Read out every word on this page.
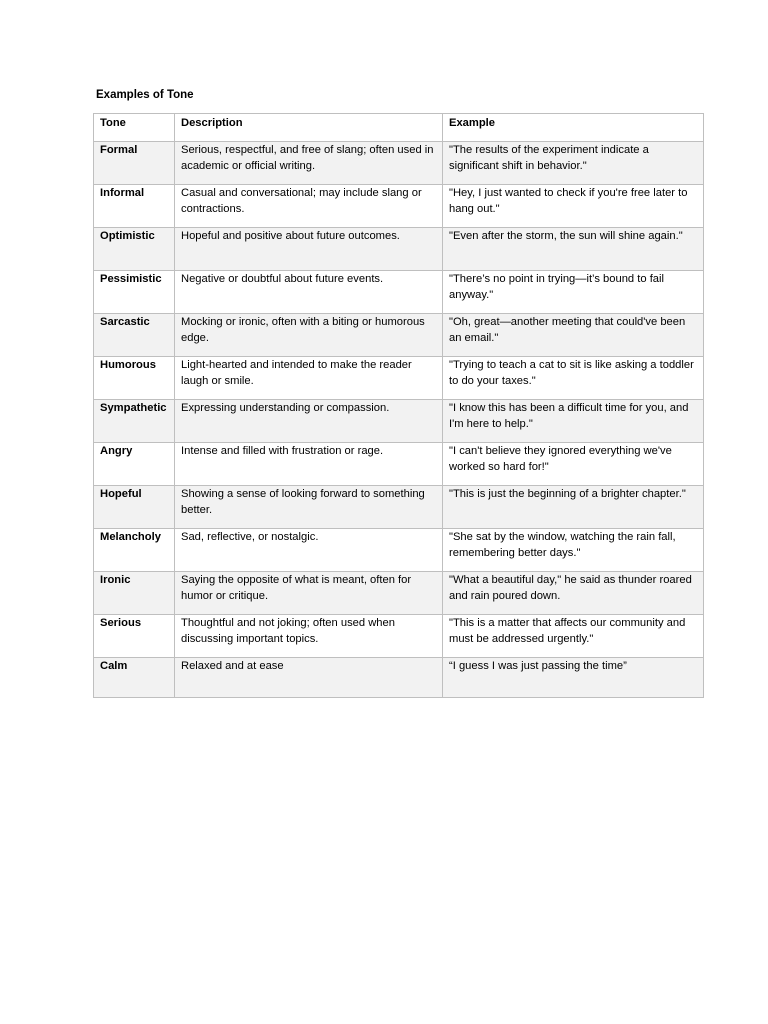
Examples of Tone
Tone	Description	Example
Formal	Serious, respectful, and free of slang; often used in academic or official writing.	"The results of the experiment indicate a significant shift in behavior."
Informal	Casual and conversational; may include slang or contractions.	"Hey, I just wanted to check if you're free later to hang out."
Optimistic	Hopeful and positive about future outcomes.	"Even after the storm, the sun will shine again."
Pessimistic	Negative or doubtful about future events.	"There’s no point in trying—it’s bound to fail anyway."
Sarcastic	Mocking or ironic, often with a biting or humorous edge.	"Oh, great—another meeting that could've been an email."
Humorous	Light-hearted and intended to make the reader laugh or smile.	"Trying to teach a cat to sit is like asking a toddler to do your taxes."
Sympathetic	Expressing understanding or compassion.	"I know this has been a difficult time for you, and I'm here to help."
Angry	Intense and filled with frustration or rage.	"I can't believe they ignored everything we've worked so hard for!"
Hopeful	Showing a sense of looking forward to something better.	"This is just the beginning of a brighter chapter."
Melancholy	Sad, reflective, or nostalgic.	"She sat by the window, watching the rain fall, remembering better days."
Ironic	Saying the opposite of what is meant, often for humor or critique.	"What a beautiful day," he said as thunder roared and rain poured down.
Serious	Thoughtful and not joking; often used when discussing important topics.	"This is a matter that affects our community and must be addressed urgently."
Calm	Relaxed and at ease	“I guess I was just passing the time”
